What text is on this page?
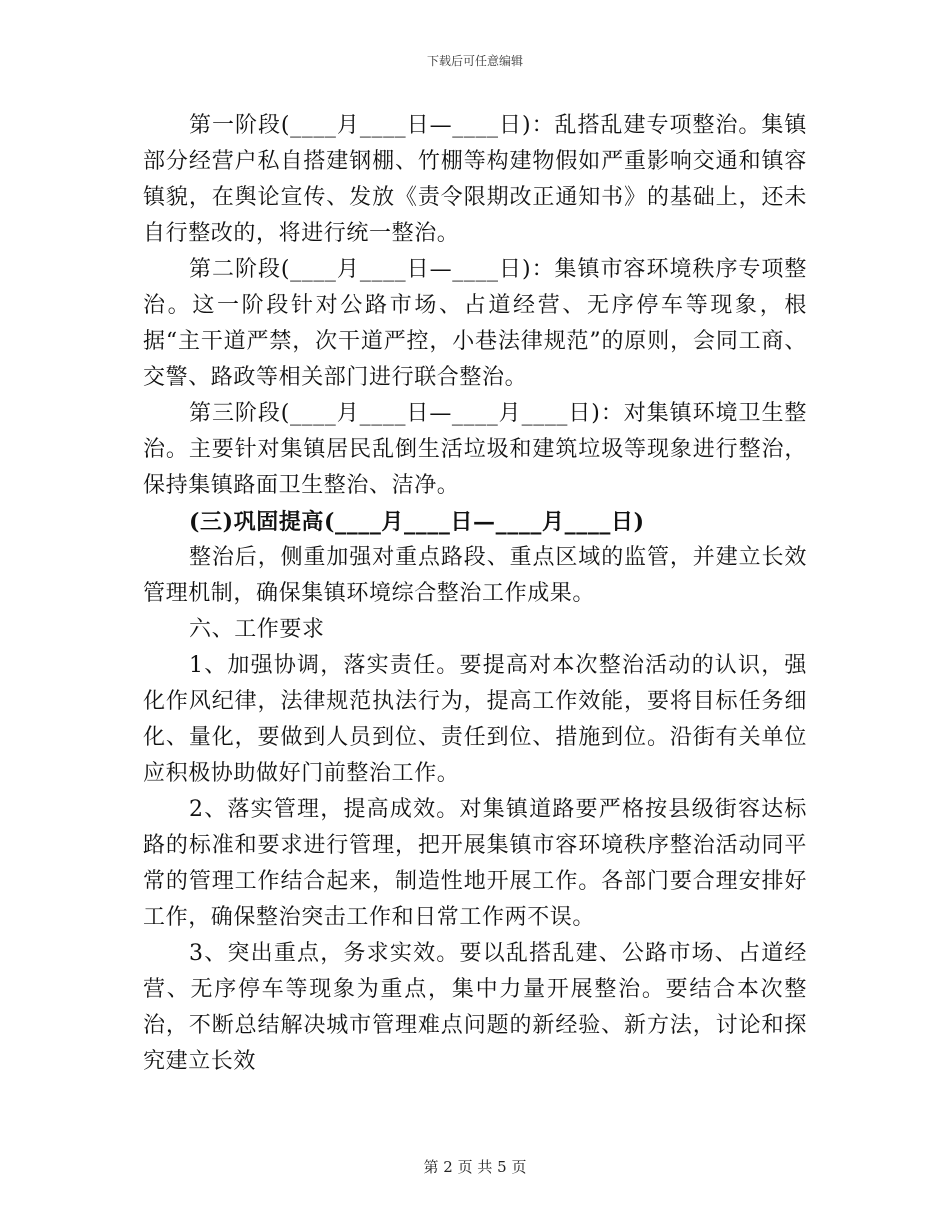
下载后可任意编辑

第一阶段(____月____日—____日)：乱搭乱建专项整治。集镇部分经营户私自搭建钢棚、竹棚等构建物假如严重影响交通和镇容镇貌，在舆论宣传、发放《责令限期改正通知书》的基础上，还未自行整改的，将进行统一整治。

第二阶段(____月____日—____日)：集镇市容环境秩序专项整治。这一阶段针对公路市场、占道经营、无序停车等现象，根据“主干道严禁，次干道严控，小巷法律规范”的原则，会同工商、交警、路政等相关部门进行联合整治。

第三阶段(____月____日—____月____日)：对集镇环境卫生整治。主要针对集镇居民乱倒生活垃圾和建筑垃圾等现象进行整治，保持集镇路面卫生整治、洁净。

(三)巩固提高(____月____日—____月____日)

整治后，侧重加强对重点路段、重点区域的监管，并建立长效管理机制，确保集镇环境综合整治工作成果。

六、工作要求

1、加强协调，落实责任。要提高对本次整治活动的认识，强化作风纪律，法律规范执法行为，提高工作效能，要将目标任务细化、量化，要做到人员到位、责任到位、措施到位。沿街有关单位应积极协助做好门前整治工作。

2、落实管理，提高成效。对集镇道路要严格按县级街容达标路的标准和要求进行管理，把开展集镇市容环境秩序整治活动同平常的管理工作结合起来，制造性地开展工作。各部门要合理安排好工作，确保整治突击工作和日常工作两不误。

3、突出重点，务求实效。要以乱搭乱建、公路市场、占道经营、无序停车等现象为重点，集中力量开展整治。要结合本次整治，不断总结解决城市管理难点问题的新经验、新方法，讨论和探究建立长效

第 2 页 共 5 页
